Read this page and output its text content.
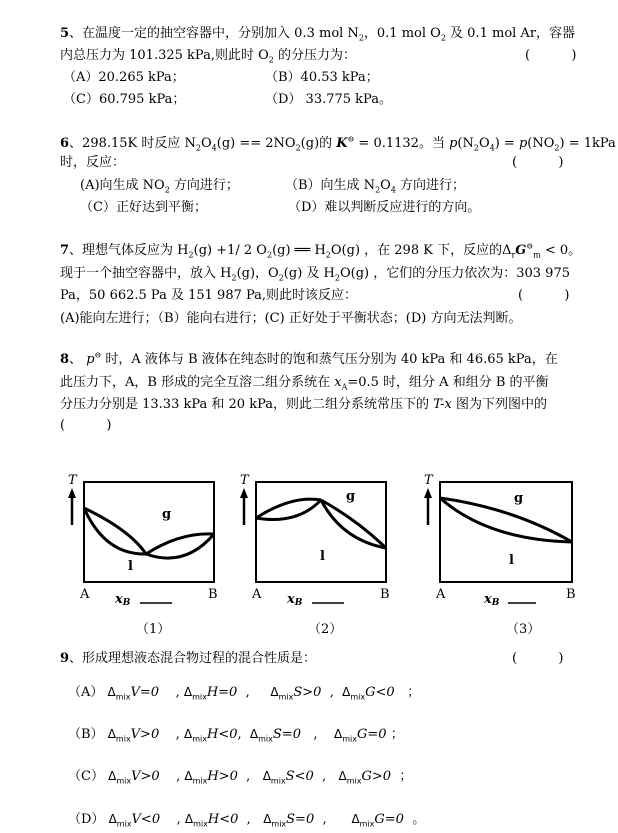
5、在温度一定的抽空容器中，分别加入 0.3 mol $N_2$，0.1 mol $O_2$ 及 0.1 mol Ar，容器
内总压力为 101.325 kPa,则此时 $O_2$ 的分压力为：	(          )
（A）20.265 kPa；	（B）40.53 kPa；
（C）60.795 kPa；	（D） 33.775 kPa。
6、298.15K 时反应 $N_2O_4(g) == 2NO_2(g)$的 K⊖ = 0.1132。当 $p(N_2O_4) = p(NO_2) = 1kPa$
时，反应：	(          )
(A)向生成 $NO_2$ 方向进行；	（B）向生成 $N_2O_4$ 方向进行；
（C）正好达到平衡；	（D）难以判断反应进行的方向。
7、理想气体反应为 $H_2(g) +1/$ 2 $O_2(g)$ ══ $H_2O(g)$ ，在 298 K 下，反应的$\Delta_rG^⊖_m < 0$。
现于一个抽空容器中，放入 $H_2(g)$，$O_2(g)$ 及 $H_2O(g)$ ，它们的分压力依次为：303 975
Pa，50 662.5 Pa 及 151 987 Pa,则此时该反应：	(          )
(A)能向左进行；（B）能向右进行；(C) 正好处于平衡状态；(D) 方向无法判断。
8、 p⊖ 时，A 液体与 B 液体在纯态时的饱和蒸气压分别为 40 kPa 和 46.65 kPa，在
此压力下，A，B 形成的完全互溶二组分系统在 $x_A=0.5$ 时，组分 A 和组分 B 的平衡
分压力分别是 13.33 kPa 和 20 kPa，则此二组分系统常压下的 T-x 图为下列图中的
(          )
T
g
l
A	B
xB
（1）
T
g
l
A	B
xB
（2）
T
g
l
A	B
xB
（3）
9、形成理想液态混合物过程的混合性质是：	(          )
（A） $\Delta_{mix}V=0$    , $\Delta_{mix}H=0$  ,     $\Delta_{mix}S>0$  ,  $\Delta_{mix}G<0$ ；
（B） $\Delta_{mix}V>0$    , $\Delta_{mix}H<0$,  $\Delta_{mix}S=0$   ,    $\Delta_{mix}G=0$ ；
（C） $\Delta_{mix}V>0$    , $\Delta_{mix}H>0$  ,   $\Delta_{mix}S<0$  ,   $\Delta_{mix}G>0$ ；
（D） $\Delta_{mix}V<0$    , $\Delta_{mix}H<0$  ,   $\Delta_{mix}S=0$  ,      $\Delta_{mix}G=0$ 。
